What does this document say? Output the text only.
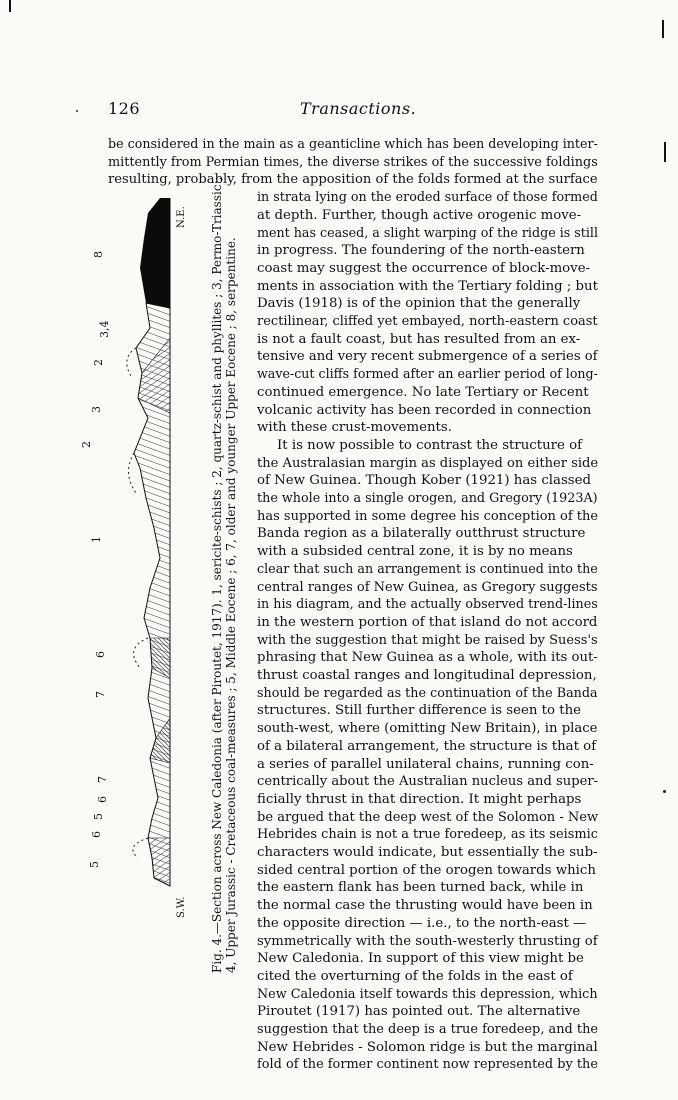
126	Transactions.
be considered in the main as a geanticline which has been developing inter-
mittently from Permian times, the diverse strikes of the successive foldings
resulting, probably, from the apposition of the folds formed at the surface
in strata lying on the eroded surface of those formed
at depth. Further, though active orogenic move-
ment has ceased, a slight warping of the ridge is still
in progress. The foundering of the north-eastern
coast may suggest the occurrence of block-move-
ments in association with the Tertiary folding ; but
Davis (1918) is of the opinion that the generally
rectilinear, cliffed yet embayed, north-eastern coast
is not a fault coast, but has resulted from an ex-
tensive and very recent submergence of a series of
wave-cut cliffs formed after an earlier period of long-
continued emergence. No late Tertiary or Recent
volcanic activity has been recorded in connection
with these crust-movements.
It is now possible to contrast the structure of
the Australasian margin as displayed on either side
of New Guinea. Though Kober (1921) has classed
the whole into a single orogen, and Gregory (1923A)
has supported in some degree his conception of the
Banda region as a bilaterally outthrust structure
with a subsided central zone, it is by no means
clear that such an arrangement is continued into the
central ranges of New Guinea, as Gregory suggests
in his diagram, and the actually observed trend-lines
in the western portion of that island do not accord
with the suggestion that might be raised by Suess's
phrasing that New Guinea as a whole, with its out-
thrust coastal ranges and longitudinal depression,
should be regarded as the continuation of the Banda
structures. Still further difference is seen to the
south-west, where (omitting New Britain), in place
of a bilateral arrangement, the structure is that of
a series of parallel unilateral chains, running con-
centrically about the Australian nucleus and super-
ficially thrust in that direction. It might perhaps
be argued that the deep west of the Solomon - New
Hebrides chain is not a true foredeep, as its seismic
characters would indicate, but essentially the sub-
sided central portion of the orogen towards which
the eastern flank has been turned back, while in
the normal case the thrusting would have been in
the opposite direction — i.e., to the north-east —
symmetrically with the south-westerly thrusting of
New Caledonia. In support of this view might be
cited the overturning of the folds in the east of
New Caledonia itself towards this depression, which
Piroutet (1917) has pointed out. The alternative
suggestion that the deep is a true foredeep, and the
New Hebrides - Solomon ridge is but the marginal
fold of the former continent now represented by the
8
3,4
2
3
2
1
6
7
7
6
5
6
5
N.E.
S.W. Fig. 4.—Section across New Caledonia (after Piroutet, 1917). 1, sericite-schists ; 2, quartz-schist and phyllites ; 3, Permo-Triassic ; 4, Upper Jurassic - Cretaceous coal-measures ; 5, Middle Eocene ; 6, 7, older and younger Upper Eocene ; 8, serpentine.
